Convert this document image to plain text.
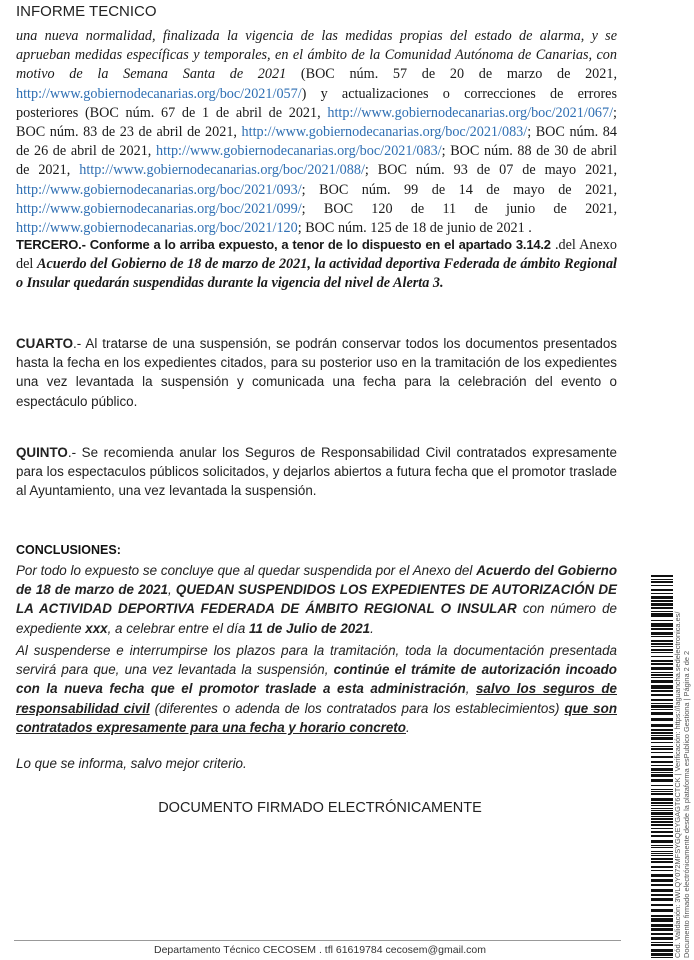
INFORME TECNICO
una nueva normalidad, finalizada la vigencia de las medidas propias del estado de alarma, y se aprueban medidas específicas y temporales, en el ámbito de la Comunidad Autónoma de Canarias, con motivo de la Semana Santa de 2021 (BOC núm. 57 de 20 de marzo de 2021, http://www.gobiernodecanarias.org/boc/2021/057/) y actualizaciones o correcciones de errores posteriores (BOC núm. 67 de 1 de abril de 2021, http://www.gobiernodecanarias.org/boc/2021/067/; BOC núm. 83 de 23 de abril de 2021, http://www.gobiernodecanarias.org/boc/2021/083/; BOC núm. 84 de 26 de abril de 2021, http://www.gobiernodecanarias.org/boc/2021/083/; BOC núm. 88 de 30 de abril de 2021, http://www.gobiernodecanarias.org/boc/2021/088/; BOC núm. 93 de 07 de mayo 2021, http://www.gobiernodecanarias.org/boc/2021/093/; BOC núm. 99 de 14 de mayo de 2021, http://www.gobiernodecanarias.org/boc/2021/099/; BOC 120 de 11 de junio de 2021, http://www.gobiernodecanarias.org/boc/2021/120; BOC núm. 125 de 18 de junio de 2021 .
TERCERO.- Conforme a lo arriba expuesto, a tenor de lo dispuesto en el apartado 3.14.2 .del Anexo del Acuerdo del Gobierno de 18 de marzo de 2021, la actividad deportiva Federada de ámbito Regional o Insular quedarán suspendidas durante la vigencia del nivel de Alerta 3.
CUARTO.- Al tratarse de una suspensión, se podrán conservar todos los documentos presentados hasta la fecha en los expedientes citados, para su posterior uso en la tramitación de los expedientes una vez levantada la suspensión y comunicada una fecha para la celebración del evento o espectáculo público.
QUINTO.- Se recomienda anular los Seguros de Responsabilidad Civil contratados expresamente para los espectaculos públicos solicitados, y dejarlos abiertos a futura fecha que el promotor traslade al Ayuntamiento, una vez levantada la suspensión.
CONCLUSIONES:
Por todo lo expuesto se concluye que al quedar suspendida por el Anexo del Acuerdo del Gobierno de 18 de marzo de 2021, QUEDAN SUSPENDIDOS LOS EXPEDIENTES DE AUTORIZACIÓN DE LA ACTIVIDAD DEPORTIVA FEDERADA DE ÁMBITO REGIONAL O INSULAR con número de expediente xxx, a celebrar entre el día 11 de Julio de 2021.
Al suspenderse e interrumpirse los plazos para la tramitación, toda la documentación presentada servirá para que, una vez levantada la suspensión, continúe el trámite de autorización incoado con la nueva fecha que el promotor traslade a esta administración, salvo los seguros de responsabilidad civil (diferentes o adenda de los contratados para los establecimientos) que son contratados expresamente para una fecha y horario concreto.
Lo que se informa, salvo mejor criterio.
DOCUMENTO FIRMADO ELECTRÓNICAMENTE
Departamento Técnico CECOSEM . tfl 61619784 cecosem@gmail.com	Cód. Validación: 3WLQY072MFSYGQEYGAGT6CTCK | Verificación: https://laguancha.sedelectronica.es/ Documento firmado electrónicamente desde la plataforma esPublico Gestiona | Página 2 de 2
